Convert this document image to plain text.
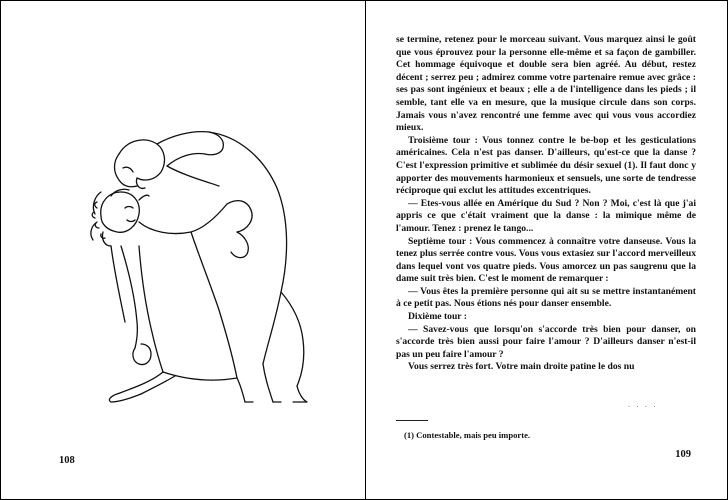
108

se termine, retenez pour le morceau suivant. Vous marquez ainsi le goût que vous éprouvez pour la personne elle-même et sa façon de gambiller. Cet hommage équivoque et double sera bien agréé. Au début, restez décent ; serrez peu ; admirez comme votre partenaire remue avec grâce : ses pas sont ingénieux et beaux ; elle a de l'intelligence dans les pieds ; il semble, tant elle va en mesure, que la musique circule dans son corps. Jamais vous n'avez rencontré une femme avec qui vous vous accordiez mieux.

Troisième tour : Vous tonnez contre le be-bop et les gesticulations américaines. Cela n'est pas danser. D'ailleurs, qu'est-ce que la danse ? C'est l'expression primitive et sublimée du désir sexuel (1). Il faut donc y apporter des mouvements harmonieux et sensuels, une sorte de tendresse réciproque qui exclut les attitudes excentriques.

— Etes-vous allée en Amérique du Sud ? Non ? Moi, c'est là que j'ai appris ce que c'était vraiment que la danse : la mimique même de l'amour. Tenez : prenez le tango...

Septième tour : Vous commencez à connaître votre danseuse. Vous la tenez plus serrée contre vous. Vous vous extasiez sur l'accord merveilleux dans lequel vont vos quatre pieds. Vous amorcez un pas saugrenu que la dame suit très bien. C'est le moment de remarquer :

— Vous êtes la première personne qui ait su se mettre instantanément à ce petit pas. Nous étions nés pour danser ensemble.

Dixième tour :

— Savez-vous que lorsqu'on s'accorde très bien pour danser, on s'accorde très bien aussi pour faire l'amour ? D'ailleurs danser n'est-il pas un peu faire l'amour ?

Vous serrez très fort. Votre main droite patine le dos nu

· · · ·
(1) Contestable, mais peu importe.
109
